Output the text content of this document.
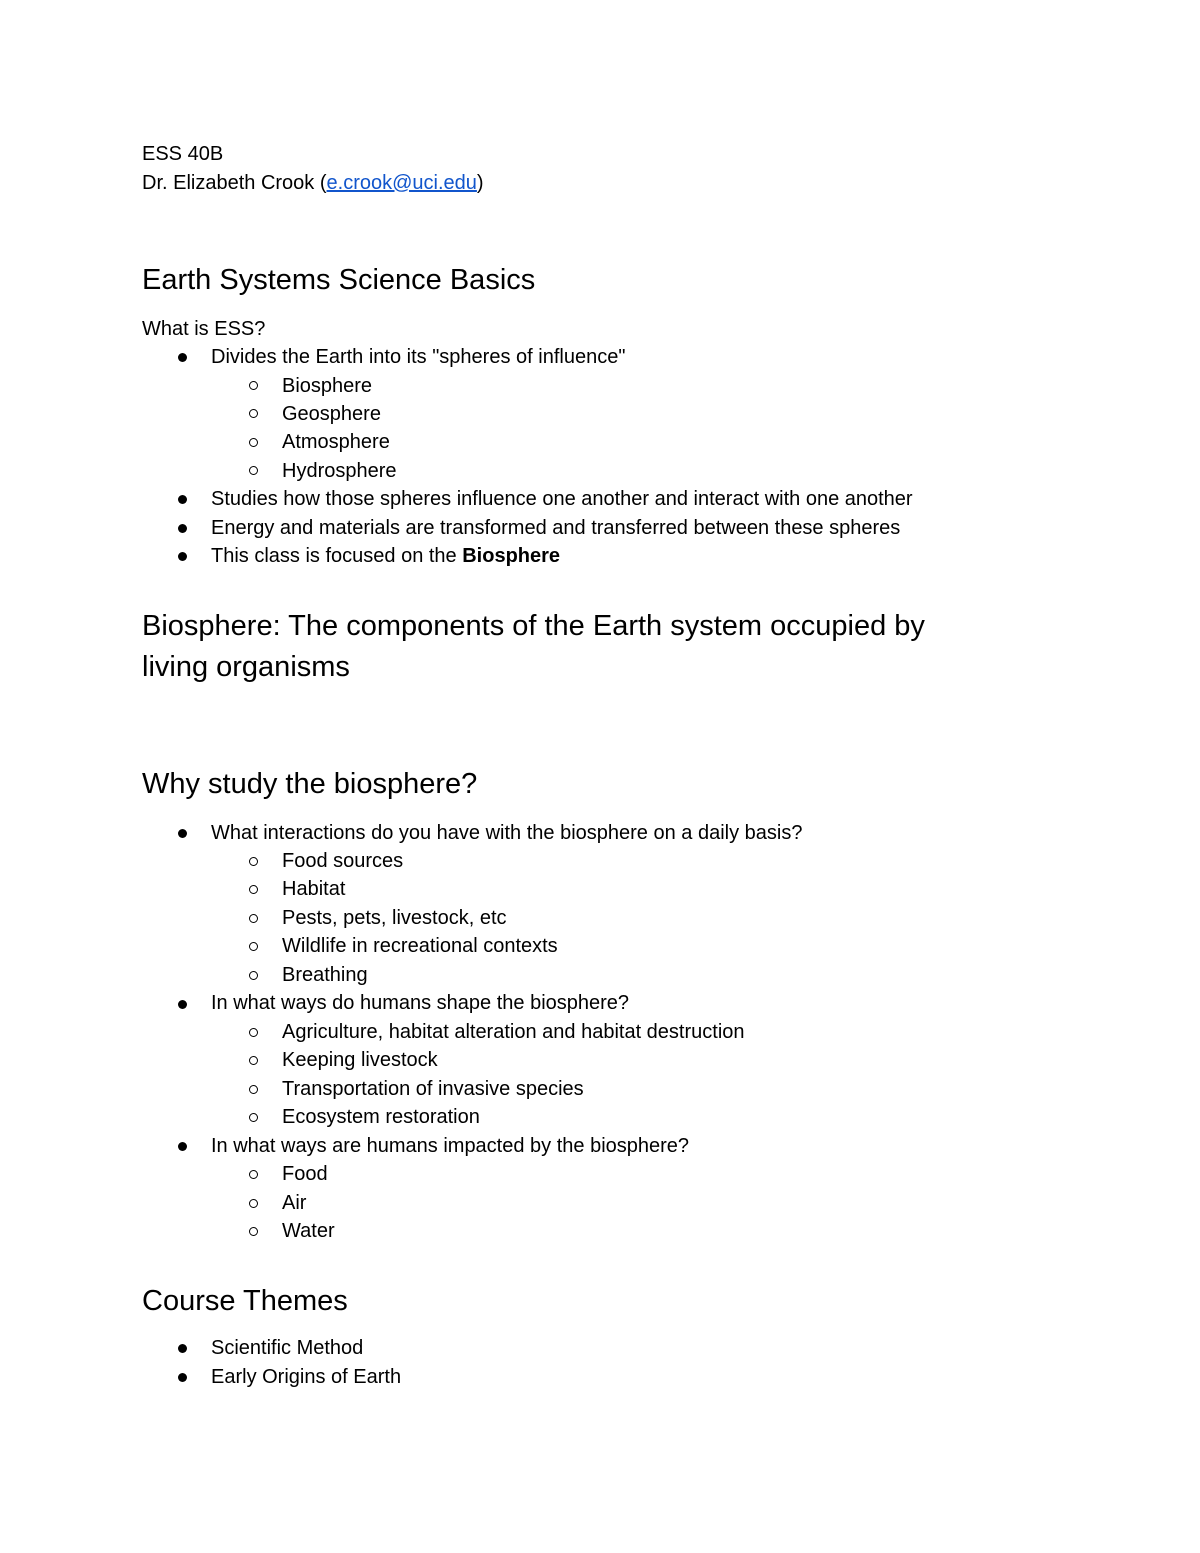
ESS 40B
Dr. Elizabeth Crook (e.crook@uci.edu)
Earth Systems Science Basics
What is ESS?
Divides the Earth into its "spheres of influence"
Biosphere
Geosphere
Atmosphere
Hydrosphere
Studies how those spheres influence one another and interact with one another
Energy and materials are transformed and transferred between these spheres
This class is focused on the Biosphere
Biosphere: The components of the Earth system occupied by
living organisms
Why study the biosphere?
What interactions do you have with the biosphere on a daily basis?
Food sources
Habitat
Pests, pets, livestock, etc
Wildlife in recreational contexts
Breathing
In what ways do humans shape the biosphere?
Agriculture, habitat alteration and habitat destruction
Keeping livestock
Transportation of invasive species
Ecosystem restoration
In what ways are humans impacted by the biosphere?
Food
Air
Water
Course Themes
Scientific Method
Early Origins of Earth
